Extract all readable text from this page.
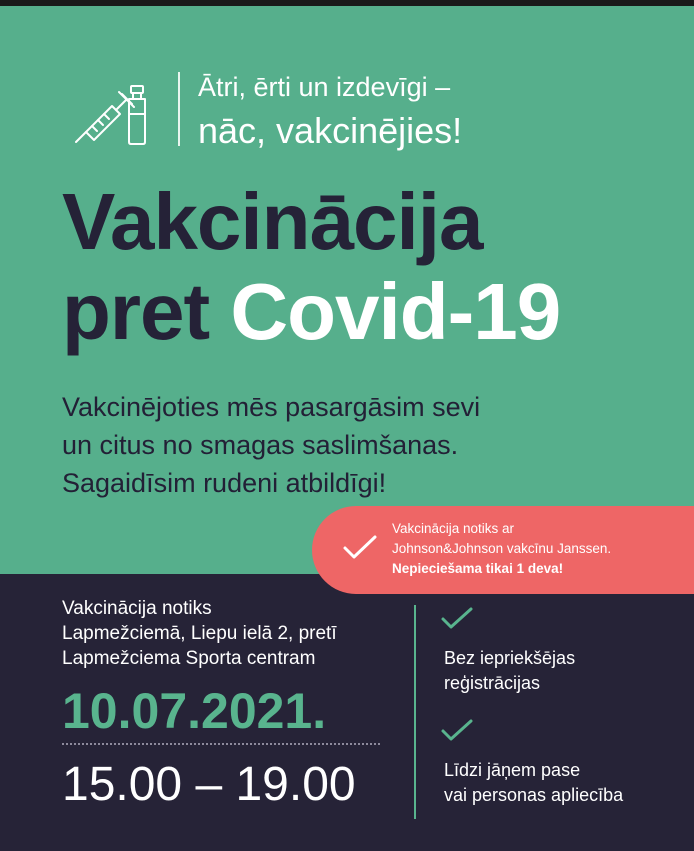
Ātri, ērti un izdevīgi –
nāc, vakcinējies!
Vakcinācija
pret Covid-19
Vakcinējoties mēs pasargāsim sevi
un citus no smagas saslimšanas.
Sagaidīsim rudeni atbildīgi!
Vakcinācija notiks ar
Johnson&Johnson vakcīnu Janssen.
Nepieciešama tikai 1 deva!
Vakcinācija notiks
Lapmežciemā, Liepu ielā 2, pretī
Lapmežciema Sporta centram
10.07.2021.
15.00 – 19.00
Bez iepriekšējas
reģistrācijas
Līdzi jāņem pase
vai personas apliecība
